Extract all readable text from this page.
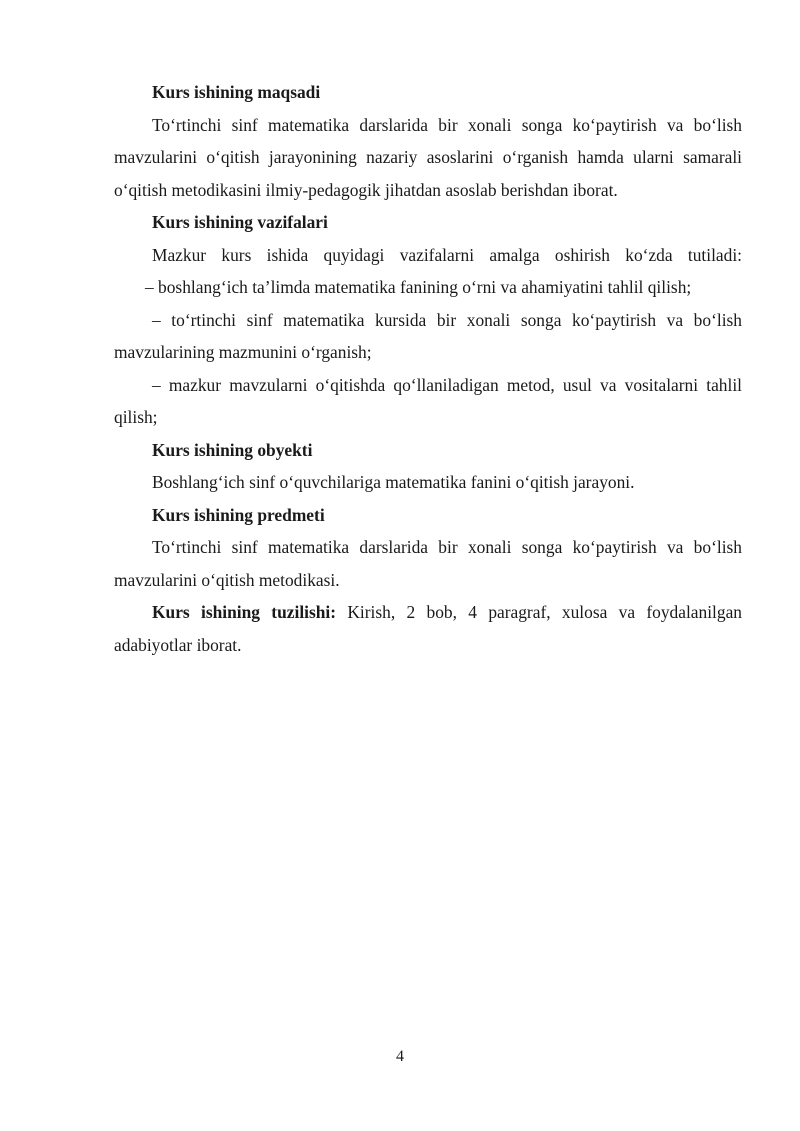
Kurs ishining maqsadi

To‘rtinchi sinf matematika darslarida bir xonali songa ko‘paytirish va bo‘lish mavzularini o‘qitish jarayonining nazariy asoslarini o‘rganish hamda ularni samarali o‘qitish metodikasini ilmiy-pedagogik jihatdan asoslab berishdan iborat.

Kurs ishining vazifalari

Mazkur kurs ishida quyidagi vazifalarni amalga oshirish ko‘zda tutiladi:

– boshlang‘ich ta’limda matematika fanining o‘rni va ahamiyatini tahlil qilish;

– to‘rtinchi sinf matematika kursida bir xonali songa ko‘paytirish va bo‘lish mavzularining mazmunini o‘rganish;

– mazkur mavzularni o‘qitishda qo‘llaniladigan metod, usul va vositalarni tahlil qilish;

Kurs ishining obyekti

Boshlang‘ich sinf o‘quvchilariga matematika fanini o‘qitish jarayoni.

Kurs ishining predmeti

To‘rtinchi sinf matematika darslarida bir xonali songa ko‘paytirish va bo‘lish mavzularini o‘qitish metodikasi.

Kurs ishining tuzilishi: Kirish, 2 bob, 4 paragraf, xulosa va foydalanilgan adabiyotlar iborat.

4
